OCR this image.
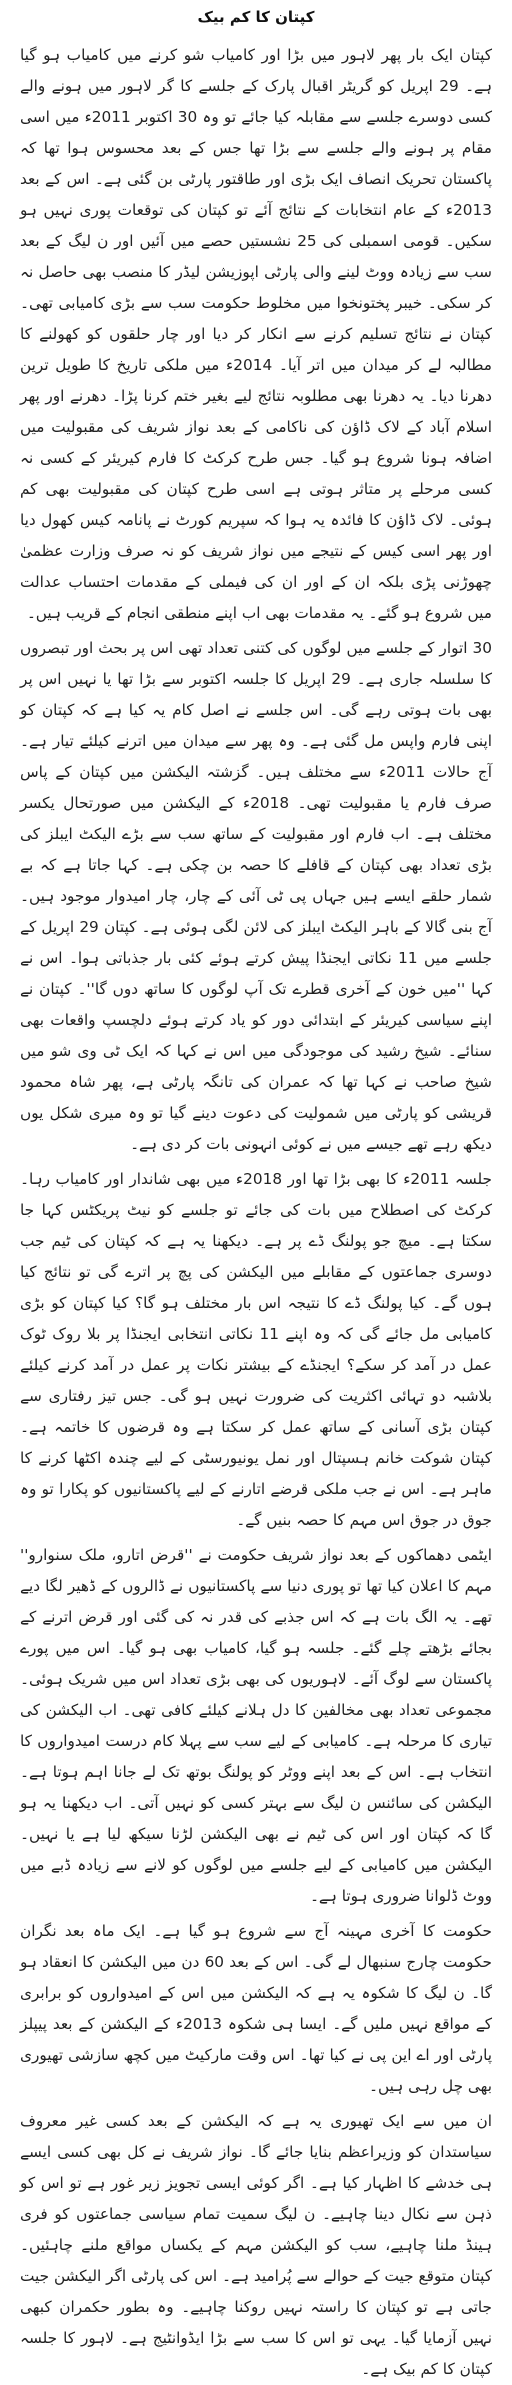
کپتان کا کم بیک

کپتان ایک بار پھر لاہور میں بڑا اور کامیاب شو کرنے میں کامیاب ہو گیا ہے۔ 29 اپریل کو گریٹر اقبال پارک کے جلسے کا گر لاہور میں ہونے والے کسی دوسرے جلسے سے مقابلہ کیا جائے تو وہ 30 اکتوبر 2011ء میں اسی مقام پر ہونے والے جلسے سے بڑا تھا جس کے بعد محسوس ہوا تھا کہ پاکستان تحریک انصاف ایک بڑی اور طاقتور پارٹی بن گئی ہے۔ اس کے بعد 2013ء کے عام انتخابات کے نتائج آئے تو کپتان کی توقعات پوری نہیں ہو سکیں۔ قومی اسمبلی کی 25 نشستیں حصے میں آئیں اور ن لیگ کے بعد سب سے زیادہ ووٹ لینے والی پارٹی اپوزیشن لیڈر کا منصب بھی حاصل نہ کر سکی۔ خیبر پختونخوا میں مخلوط حکومت سب سے بڑی کامیابی تھی۔ کپتان نے نتائج تسلیم کرنے سے انکار کر دیا اور چار حلقوں کو کھولنے کا مطالبہ لے کر میدان میں اتر آیا۔ 2014ء میں ملکی تاریخ کا طویل ترین دھرنا دیا۔ یہ دھرنا بھی مطلوبہ نتائج لیے بغیر ختم کرنا پڑا۔ دھرنے اور پھر اسلام آباد کے لاک ڈاؤن کی ناکامی کے بعد نواز شریف کی مقبولیت میں اضافہ ہونا شروع ہو گیا۔ جس طرح کرکٹ کا فارم کیریئر کے کسی نہ کسی مرحلے پر متاثر ہوتی ہے اسی طرح کپتان کی مقبولیت بھی کم ہوئی۔ لاک ڈاؤن کا فائدہ یہ ہوا کہ سپریم کورٹ نے پانامہ کیس کھول دیا اور پھر اسی کیس کے نتیجے میں نواز شریف کو نہ صرف وزارت عظمیٰ چھوڑنی پڑی بلکہ ان کے اور ان کی فیملی کے مقدمات احتساب عدالت میں شروع ہو گئے۔ یہ مقدمات بھی اب اپنے منطقی انجام کے قریب ہیں۔

30 اتوار کے جلسے میں لوگوں کی کتنی تعداد تھی اس پر بحث اور تبصروں کا سلسلہ جاری ہے۔ 29 اپریل کا جلسہ اکتوبر سے بڑا تھا یا نہیں اس پر بھی بات ہوتی رہے گی۔ اس جلسے نے اصل کام یہ کیا ہے کہ کپتان کو اپنی فارم واپس مل گئی ہے۔ وہ پھر سے میدان میں اترنے کیلئے تیار ہے۔ آج حالات 2011ء سے مختلف ہیں۔ گزشتہ الیکشن میں کپتان کے پاس صرف فارم یا مقبولیت تھی۔ 2018ء کے الیکشن میں صورتحال یکسر مختلف ہے۔ اب فارم اور مقبولیت کے ساتھ سب سے بڑے الیکٹ ایبلز کی بڑی تعداد بھی کپتان کے قافلے کا حصہ بن چکی ہے۔ کہا جاتا ہے کہ بے شمار حلقے ایسے ہیں جہاں پی ٹی آئی کے چار، چار امیدوار موجود ہیں۔ آج بنی گالا کے باہر الیکٹ ایبلز کی لائن لگی ہوئی ہے۔ کپتان 29 اپریل کے جلسے میں 11 نکاتی ایجنڈا پیش کرتے ہوئے کئی بار جذباتی ہوا۔ اس نے کہا ''میں خون کے آخری قطرے تک آپ لوگوں کا ساتھ دوں گا''۔ کپتان نے اپنے سیاسی کیریئر کے ابتدائی دور کو یاد کرتے ہوئے دلچسپ واقعات بھی سنائے۔ شیخ رشید کی موجودگی میں اس نے کہا کہ ایک ٹی وی شو میں شیخ صاحب نے کہا تھا کہ عمران کی تانگہ پارٹی ہے، پھر شاہ محمود قریشی کو پارٹی میں شمولیت کی دعوت دینے گیا تو وہ میری شکل یوں دیکھ رہے تھے جیسے میں نے کوئی انہونی بات کر دی ہے۔

جلسہ 2011ء کا بھی بڑا تھا اور 2018ء میں بھی شاندار اور کامیاب رہا۔ کرکٹ کی اصطلاح میں بات کی جائے تو جلسے کو نیٹ پریکٹس کہا جا سکتا ہے۔ میچ جو پولنگ ڈے پر ہے۔ دیکھنا یہ ہے کہ کپتان کی ٹیم جب دوسری جماعتوں کے مقابلے میں الیکشن کی پچ پر اترے گی تو نتائج کیا ہوں گے۔ کیا پولنگ ڈے کا نتیجہ اس بار مختلف ہو گا؟ کیا کپتان کو بڑی کامیابی مل جائے گی کہ وہ اپنے 11 نکاتی انتخابی ایجنڈا پر بلا روک ٹوک عمل در آمد کر سکے؟ ایجنڈے کے بیشتر نکات پر عمل در آمد کرنے کیلئے بلاشبہ دو تہائی اکثریت کی ضرورت نہیں ہو گی۔ جس تیز رفتاری سے کپتان بڑی آسانی کے ساتھ عمل کر سکتا ہے وہ قرضوں کا خاتمہ ہے۔ کپتان شوکت خانم ہسپتال اور نمل یونیورسٹی کے لیے چندہ اکٹھا کرنے کا ماہر ہے۔ اس نے جب ملکی قرضے اتارنے کے لیے پاکستانیوں کو پکارا تو وہ جوق در جوق اس مہم کا حصہ بنیں گے۔

ایٹمی دھماکوں کے بعد نواز شریف حکومت نے ''قرض اتارو، ملک سنوارو'' مہم کا اعلان کیا تھا تو پوری دنیا سے پاکستانیوں نے ڈالروں کے ڈھیر لگا دیے تھے۔ یہ الگ بات ہے کہ اس جذبے کی قدر نہ کی گئی اور قرض اترنے کے بجائے بڑھتے چلے گئے۔ جلسہ ہو گیا، کامیاب بھی ہو گیا۔ اس میں پورے پاکستان سے لوگ آئے۔ لاہوریوں کی بھی بڑی تعداد اس میں شریک ہوئی۔ مجموعی تعداد بھی مخالفین کا دل ہلانے کیلئے کافی تھی۔ اب الیکشن کی تیاری کا مرحلہ ہے۔ کامیابی کے لیے سب سے پہلا کام درست امیدواروں کا انتخاب ہے۔ اس کے بعد اپنے ووٹر کو پولنگ بوتھ تک لے جانا اہم ہوتا ہے۔ الیکشن کی سائنس ن لیگ سے بہتر کسی کو نہیں آتی۔ اب دیکھنا یہ ہو گا کہ کپتان اور اس کی ٹیم نے بھی الیکشن لڑنا سیکھ لیا ہے یا نہیں۔ الیکشن میں کامیابی کے لیے جلسے میں لوگوں کو لانے سے زیادہ ڈبے میں ووٹ ڈلوانا ضروری ہوتا ہے۔

حکومت کا آخری مہینہ آج سے شروع ہو گیا ہے۔ ایک ماہ بعد نگران حکومت چارج سنبھال لے گی۔ اس کے بعد 60 دن میں الیکشن کا انعقاد ہو گا۔ ن لیگ کا شکوہ یہ ہے کہ الیکشن میں اس کے امیدواروں کو برابری کے مواقع نہیں ملیں گے۔ ایسا ہی شکوہ 2013ء کے الیکشن کے بعد پیپلز پارٹی اور اے این پی نے کیا تھا۔ اس وقت مارکیٹ میں کچھ سازشی تھیوری بھی چل رہی ہیں۔

ان میں سے ایک تھیوری یہ ہے کہ الیکشن کے بعد کسی غیر معروف سیاستدان کو وزیراعظم بنایا جائے گا۔ نواز شریف نے کل بھی کسی ایسے ہی خدشے کا اظہار کیا ہے۔ اگر کوئی ایسی تجویز زیر غور ہے تو اس کو ذہن سے نکال دینا چاہیے۔ ن لیگ سمیت تمام سیاسی جماعتوں کو فری ہینڈ ملنا چاہیے، سب کو الیکشن مہم کے یکساں مواقع ملنے چاہئیں۔ کپتان متوقع جیت کے حوالے سے پُرامید ہے۔ اس کی پارٹی اگر الیکشن جیت جاتی ہے تو کپتان کا راستہ نہیں روکنا چاہیے۔ وہ بطور حکمران کبھی نہیں آزمایا گیا۔ یہی تو اس کا سب سے بڑا ایڈوانٹیج ہے۔ لاہور کا جلسہ کپتان کا کم بیک ہے۔
